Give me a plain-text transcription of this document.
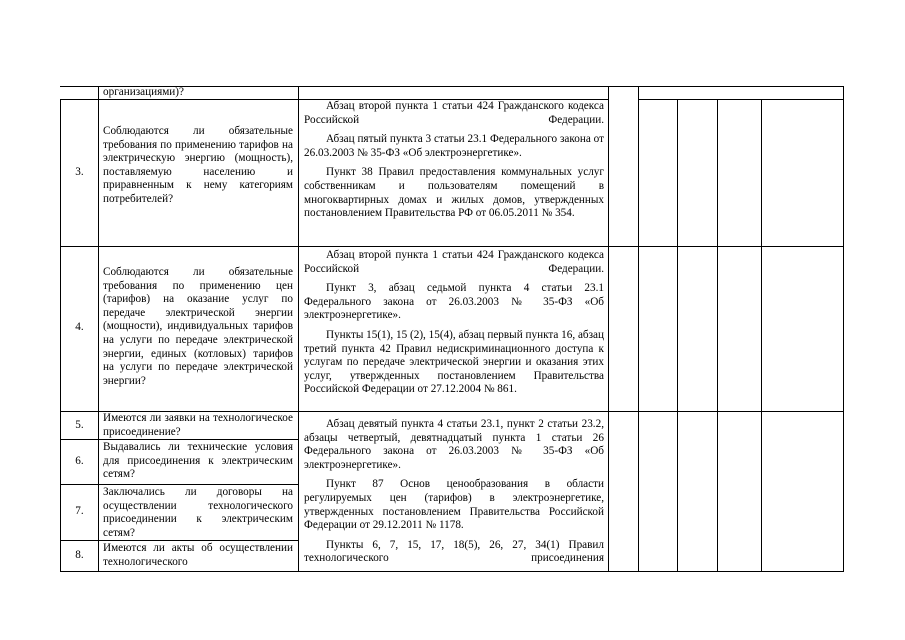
организациями)?
3.

Соблюдаются ли обязательные требования по применению тарифов на электрическую энергию (мощность), поставляемую населению и приравненным к нему категориям потребителей?

Абзац второй пункта 1 статьи 424 Гражданского кодекса Российской Федерации.

Абзац пятый пункта 3 статьи 23.1 Федерального закона от 26.03.2003 № 35-ФЗ «Об электроэнергетике».

Пункт 38 Правил предоставления коммунальных услуг собственникам и пользователям помещений в многоквартирных домах и жилых домов, утвержденных постановлением Правительства РФ от 06.05.2011 № 354.

4.

Соблюдаются ли обязательные требования по применению цен (тарифов) на оказание услуг по передаче электрической энергии (мощности), индивидуальных тарифов на услуги по передаче электрической энергии, единых (котловых) тарифов на услуги по передаче электрической энергии?

Абзац второй пункта 1 статьи 424 Гражданского кодекса Российской Федерации.

Пункт 3, абзац седьмой пункта 4 статьи 23.1 Федерального закона от 26.03.2003 № 35-ФЗ «Об электроэнергетике».

Пункты 15(1), 15 (2), 15(4), абзац первый пункта 16, абзац третий пункта 42 Правил недискриминационного доступа к услугам по передаче электрической энергии и оказания этих услуг, утвержденных постановлением Правительства Российской Федерации от 27.12.2004 № 861.

5.

Имеются ли заявки на технологическое присоединение?

6.

Выдавались ли технические условия для присоединения к электрическим сетям?

7.

Заключались ли договоры на осуществлении технологического присоединении к электрическим сетям?

8.

Имеются ли акты об осуществлении технологического

Абзац девятый пункта 4 статьи 23.1, пункт 2 статьи 23.2, абзацы четвертый, девятнадцатый пункта 1 статьи 26 Федерального закона от 26.03.2003 № 35-ФЗ «Об электроэнергетике».

Пункт 87 Основ ценообразования в области регулируемых цен (тарифов) в электроэнергетике, утвержденных постановлением Правительства Российской Федерации от 29.12.2011 № 1178.

Пункты 6, 7, 15, 17, 18(5), 26, 27, 34(1) Правил технологического присоединения
